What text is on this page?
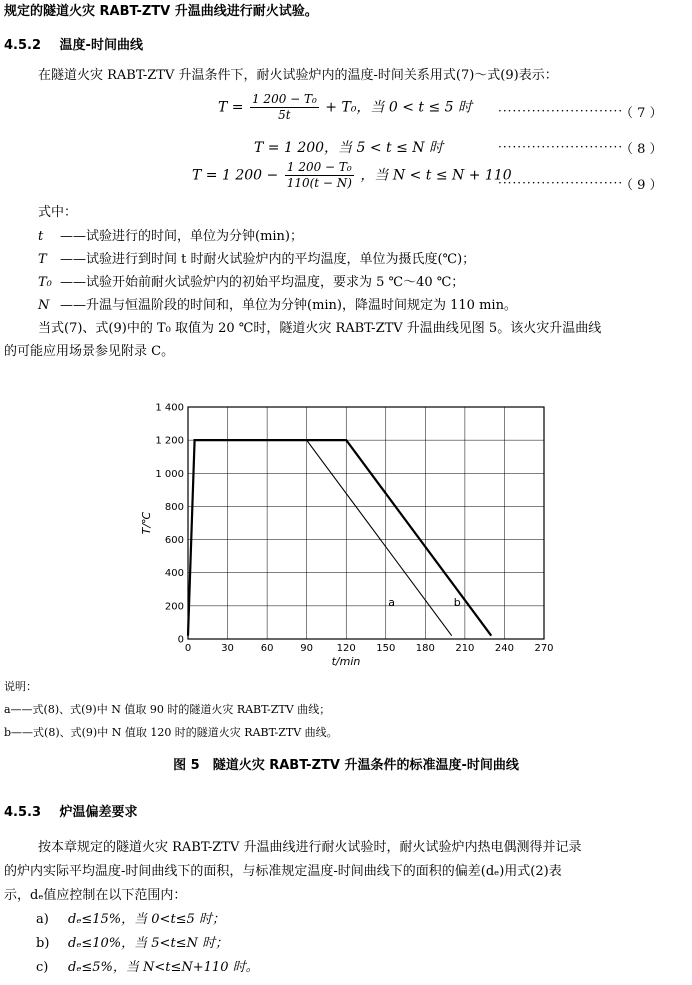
规定的隧道火灾 RABT-ZTV 升温曲线进行耐火试验。
4.5.2 温度-时间曲线
在隧道火灾 RABT-ZTV 升温条件下，耐火试验炉内的温度-时间关系用式(7)～式(9)表示：
$T = \frac{\text{1 200 − T₀}}{5t} + T_0$，当 0 < t ≤ 5 时 ··························
（ 7 ）
T = 1 200，当 5 < t ≤ N 时	··························
（ 8 ）
T = 1 $200 - \frac{\text{1 200 − T₀}}{110(t - N)}$ ，当 N < t ≤ N + 110
··························
（ 9 ）
式中：
t ——试验进行的时间，单位为分钟(min)；
T ——试验进行到时间 t 时耐火试验炉内的平均温度，单位为摄氏度(℃)；
T₀ ——试验开始前耐火试验炉内的初始平均温度，要求为 5 ℃～40 ℃；
N ——升温与恒温阶段的时间和，单位为分钟(min)，降温时间规定为 110 min。
当式(7)、式(9)中的 T₀ 取值为 20 ℃时，隧道火灾 RABT-ZTV 升温曲线见图 5。该火灾升温曲线
的可能应用场景参见附录 C。
0	30	60	90 120 150 180 210 240 270
0
200
400
600
800
1 000
1 200
1 400
a	b
T/℃
t/min
说明：
a——式(8)、式(9)中 N 值取 90 时的隧道火灾 RABT-ZTV 曲线；
b——式(8)、式(9)中 N 值取 120 时的隧道火灾 RABT-ZTV 曲线。
图 5　隧道火灾 RABT-ZTV 升温条件的标准温度-时间曲线
4.5.3 炉温偏差要求
按本章规定的隧道火灾 RABT-ZTV 升温曲线进行耐火试验时，耐火试验炉内热电偶测得并记录
的炉内实际平均温度-时间曲线下的面积，与标准规定温度-时间曲线下的面积的偏差(dₑ)用式(2)表
示，dₑ值应控制在以下范围内：
a) dₑ≤15%，当 0<t≤5 时；
b) dₑ≤10%，当 5<t≤N 时；
c) dₑ≤5%，当 N<t≤N+110 时。
